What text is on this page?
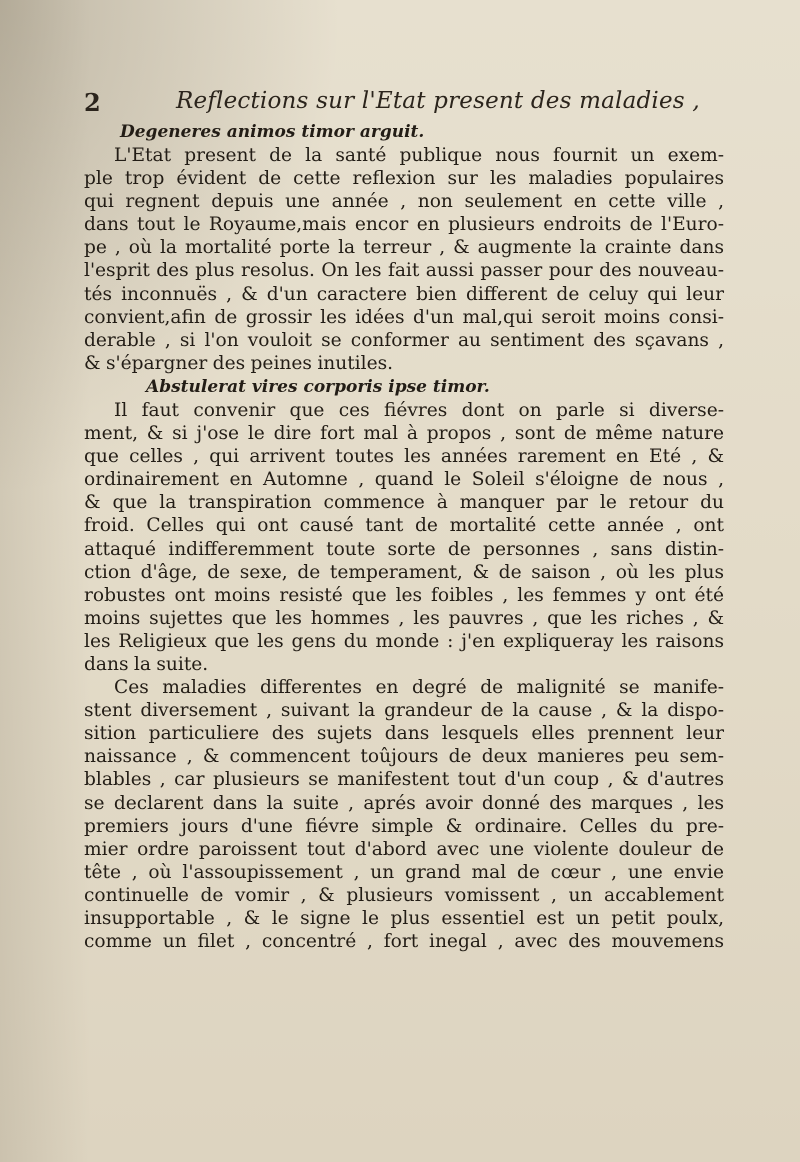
2	Reflections sur l'Etat present des maladies ,
Degeneres animos timor arguit.
L'Etat present de la santé publique nous fournit un exem-
ple trop évident de cette reflexion sur les maladies populaires
qui regnent depuis une année , non seulement en cette ville ,
dans tout le Royaume,mais encor en plusieurs endroits de l'Euro-
pe , où la mortalité porte la terreur , & augmente la crainte dans
l'esprit des plus resolus. On les fait aussi passer pour des nouveau-
tés inconnuës , & d'un caractere bien different de celuy qui leur
convient,afin de grossir les idées d'un mal,qui seroit moins consi-
derable , si l'on vouloit se conformer au sentiment des sçavans ,
& s'épargner des peines inutiles.
Abstulerat vires corporis ipse timor.
Il faut convenir que ces fiévres dont on parle si diverse-
ment, & si j'ose le dire fort mal à propos , sont de même nature
que celles , qui arrivent toutes les années rarement en Eté , &
ordinairement en Automne , quand le Soleil s'éloigne de nous ,
& que la transpiration commence à manquer par le retour du
froid. Celles qui ont causé tant de mortalité cette année , ont
attaqué indifferemment toute sorte de personnes , sans distin-
ction d'âge, de sexe, de temperament, & de saison , où les plus
robustes ont moins resisté que les foibles , les femmes y ont été
moins sujettes que les hommes , les pauvres , que les riches , &
les Religieux que les gens du monde : j'en expliqueray les raisons
dans la suite.
Ces maladies differentes en degré de malignité se manife-
stent diversement , suivant la grandeur de la cause , & la dispo-
sition particuliere des sujets dans lesquels elles prennent leur
naissance , & commencent toûjours de deux manieres peu sem-
blables , car plusieurs se manifestent tout d'un coup , & d'autres
se declarent dans la suite , aprés avoir donné des marques , les
premiers jours d'une fiévre simple & ordinaire. Celles du pre-
mier ordre paroissent tout d'abord avec une violente douleur de
tête , où l'assoupissement , un grand mal de cœur , une envie
continuelle de vomir , & plusieurs vomissent , un accablement
insupportable , & le signe le plus essentiel est un petit poulx,
comme un filet , concentré , fort inegal , avec des mouvemens
